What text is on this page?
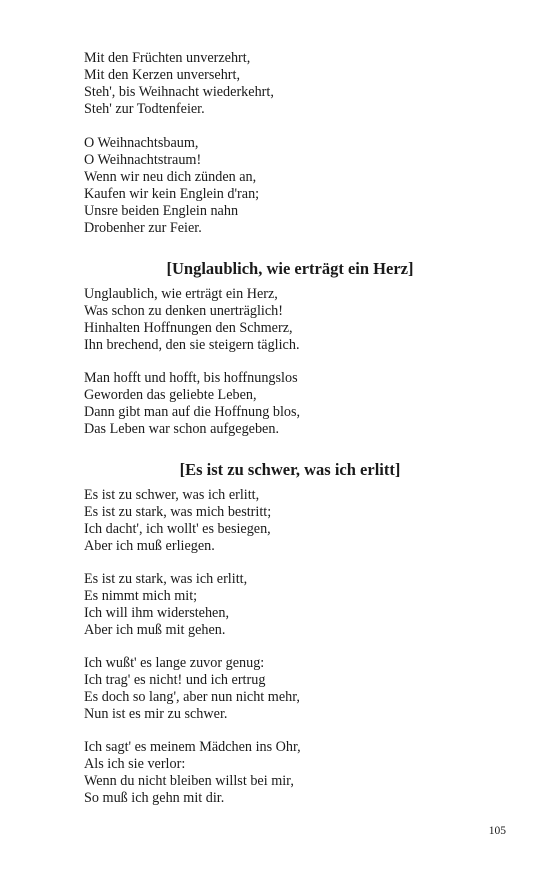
Mit den Früchten unverzehrt,
Mit den Kerzen unversehrt,
Steh', bis Weihnacht wiederkehrt,
Steh' zur Todtenfeier.
O Weihnachtsbaum,
O Weihnachtstraum!
Wenn wir neu dich zünden an,
Kaufen wir kein Englein d'ran;
Unsre beiden Englein nahn
Drobenher zur Feier.
[Unglaublich, wie erträgt ein Herz]
Unglaublich, wie erträgt ein Herz,
Was schon zu denken unerträglich!
Hinhalten Hoffnungen den Schmerz,
Ihn brechend, den sie steigern täglich.
Man hofft und hofft, bis hoffnungslos
Geworden das geliebte Leben,
Dann gibt man auf die Hoffnung blos,
Das Leben war schon aufgegeben.
[Es ist zu schwer, was ich erlitt]
Es ist zu schwer, was ich erlitt,
Es ist zu stark, was mich bestritt;
Ich dacht', ich wollt' es besiegen,
Aber ich muß erliegen.
Es ist zu stark, was ich erlitt,
Es nimmt mich mit;
Ich will ihm widerstehen,
Aber ich muß mit gehen.
Ich wußt' es lange zuvor genug:
Ich trag' es nicht! und ich ertrug
Es doch so lang', aber nun nicht mehr,
Nun ist es mir zu schwer.
Ich sagt' es meinem Mädchen ins Ohr,
Als ich sie verlor:
Wenn du nicht bleiben willst bei mir,
So muß ich gehn mit dir.
105
